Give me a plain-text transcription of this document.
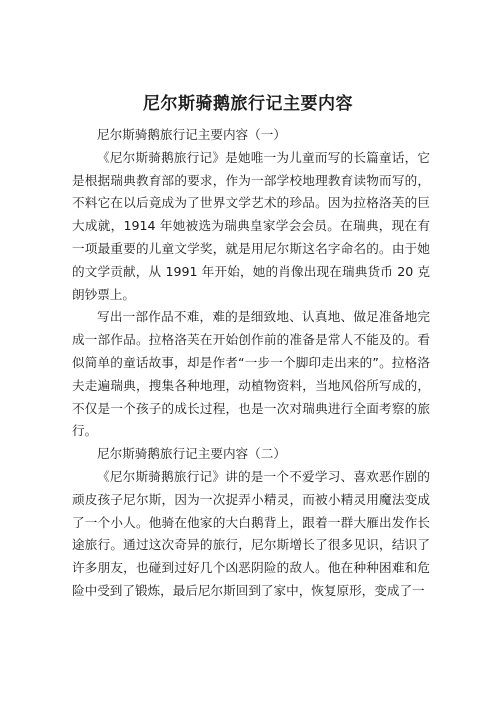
尼尔斯骑鹅旅行记主要内容

尼尔斯骑鹅旅行记主要内容（一）

《尼尔斯骑鹅旅行记》是她唯一为儿童而写的长篇童话，它是根据瑞典教育部的要求，作为一部学校地理教育读物而写的，不料它在以后竟成为了世界文学艺术的珍品。因为拉格洛芙的巨大成就，1914 年她被选为瑞典皇家学会会员。在瑞典，现在有一项最重要的儿童文学奖，就是用尼尔斯这名字命名的。由于她的文学贡献，从 1991 年开始，她的肖像出现在瑞典货币 20 克朗钞票上。

写出一部作品不难，难的是细致地、认真地、做足准备地完成一部作品。拉格洛芙在开始创作前的准备是常人不能及的。看似简单的童话故事，却是作者“一步一个脚印走出来的”。拉格洛夫走遍瑞典，搜集各种地理，动植物资料，当地风俗所写成的，不仅是一个孩子的成长过程，也是一次对瑞典进行全面考察的旅行。

尼尔斯骑鹅旅行记主要内容（二）

《尼尔斯骑鹅旅行记》讲的是一个不爱学习、喜欢恶作剧的顽皮孩子尼尔斯，因为一次捉弄小精灵，而被小精灵用魔法变成了一个小人。他骑在他家的大白鹅背上，跟着一群大雁出发作长途旅行。通过这次奇异的旅行，尼尔斯增长了很多见识，结识了许多朋友，也碰到过好几个凶恶阴险的敌人。他在种种困难和危险中受到了锻炼，最后尼尔斯回到了家中，恢复原形，变成了一
